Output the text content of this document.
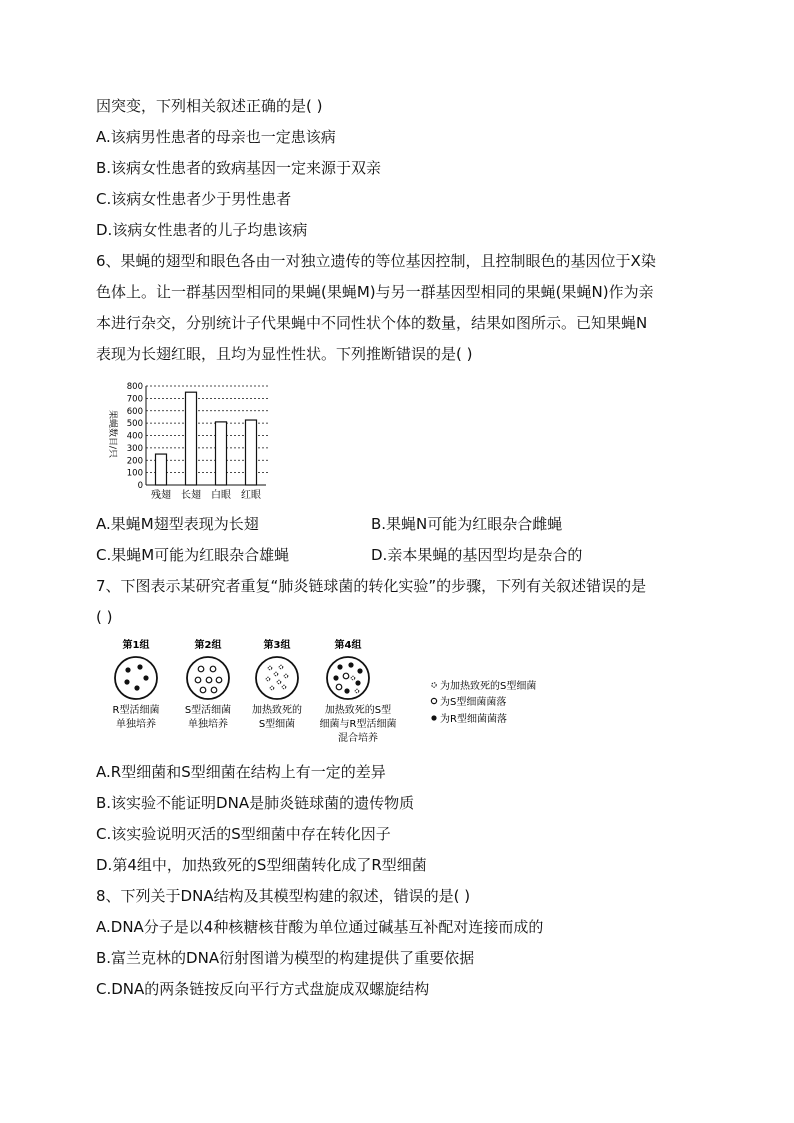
因突变，下列相关叙述正确的是( )
A.该病男性患者的母亲也一定患该病
B.该病女性患者的致病基因一定来源于双亲
C.该病女性患者少于男性患者
D.该病女性患者的儿子均患该病
6、果蝇的翅型和眼色各由一对独立遗传的等位基因控制，且控制眼色的基因位于X染
色体上。让一群基因型相同的果蝇(果蝇M)与另一群基因型相同的果蝇(果蝇N)作为亲
本进行杂交，分别统计子代果蝇中不同性状个体的数量，结果如图所示。已知果蝇N
表现为长翅红眼，且均为显性性状。下列推断错误的是( )
果蝇数目/只
0
100
200
300
400
500
600
700
800
残翅 长翅 白眼 红眼
A.果蝇M翅型表现为长翅	B.果蝇N可能为红眼杂合雌蝇
C.果蝇M可能为红眼杂合雄蝇	D.亲本果蝇的基因型均是杂合的
7、下图表示某研究者重复“肺炎链球菌的转化实验”的步骤，下列有关叙述错误的是
( )
第1组	第2组	第3组	第4组
R型活细菌
单独培养
S型活细菌
单独培养
加热致死的
S型细菌
加热致死的S型
细菌与R型活细菌
混合培养
为加热致死的S型细菌
为S型细菌菌落
为R型细菌菌落
A.R型细菌和S型细菌在结构上有一定的差异
B.该实验不能证明DNA是肺炎链球菌的遗传物质
C.该实验说明灭活的S型细菌中存在转化因子
D.第4组中，加热致死的S型细菌转化成了R型细菌
8、下列关于DNA结构及其模型构建的叙述，错误的是( )
A.DNA分子是以4种核糖核苷酸为单位通过碱基互补配对连接而成的
B.富兰克林的DNA衍射图谱为模型的构建提供了重要依据
C.DNA的两条链按反向平行方式盘旋成双螺旋结构
